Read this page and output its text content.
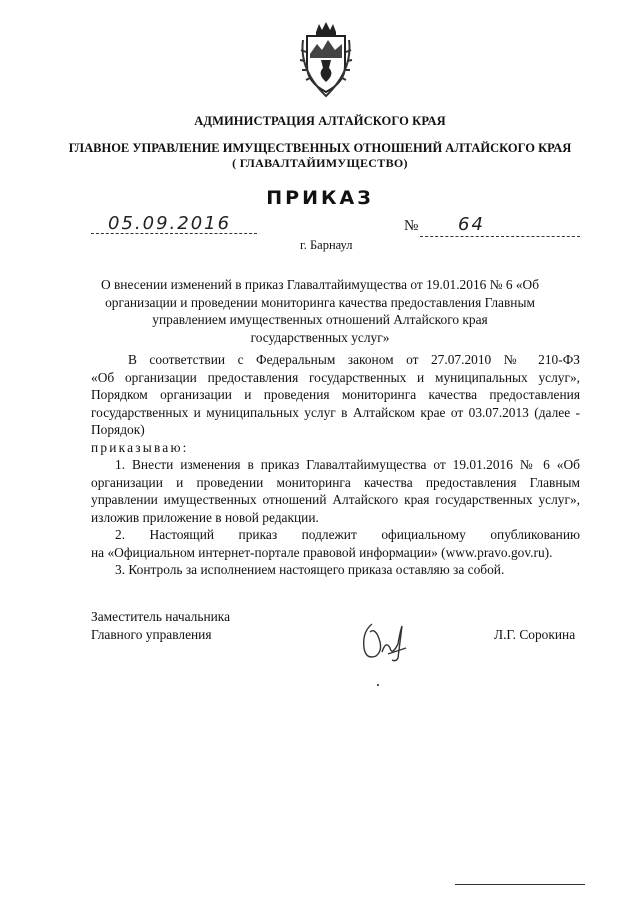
АДМИНИСТРАЦИЯ АЛТАЙСКОГО КРАЯ
ГЛАВНОЕ УПРАВЛЕНИЕ ИМУЩЕСТВЕННЫХ ОТНОШЕНИЙ АЛТАЙСКОГО КРАЯ
( ГЛАВАЛТАЙИМУЩЕСТВО)
ПРИКАЗ
05.09.2016	№ 64
г. Барнаул
О внесении изменений в приказ Главалтайимущества от 19.01.2016 № 6 «Об
организации и проведении мониторинга качества предоставления Главным
управлением имущественных отношений Алтайского края
государственных услуг»
В соответствии с Федеральным законом от 27.07.2010 № 210-ФЗ
«Об организации предоставления государственных и муниципальных услуг»,
Порядком организации и проведения мониторинга качества предоставления
государственных и муниципальных услуг в Алтайском крае от 03.07.2013 (далее -
Порядок)
приказываю:
1. Внести изменения в приказ Главалтайимущества от 19.01.2016 № 6 «Об
организации и проведении мониторинга качества предоставления Главным
управлении имущественных отношений Алтайского края государственных услуг»,
изложив приложение в новой редакции.
2. Настоящий приказ подлежит официальному опубликованию
на «Официальном интернет-портале правовой информации» (www.pravo.gov.ru).
3. Контроль за исполнением настоящего приказа оставляю за собой.
Заместитель начальника
Главного управления	Л.Г. Сорокина
